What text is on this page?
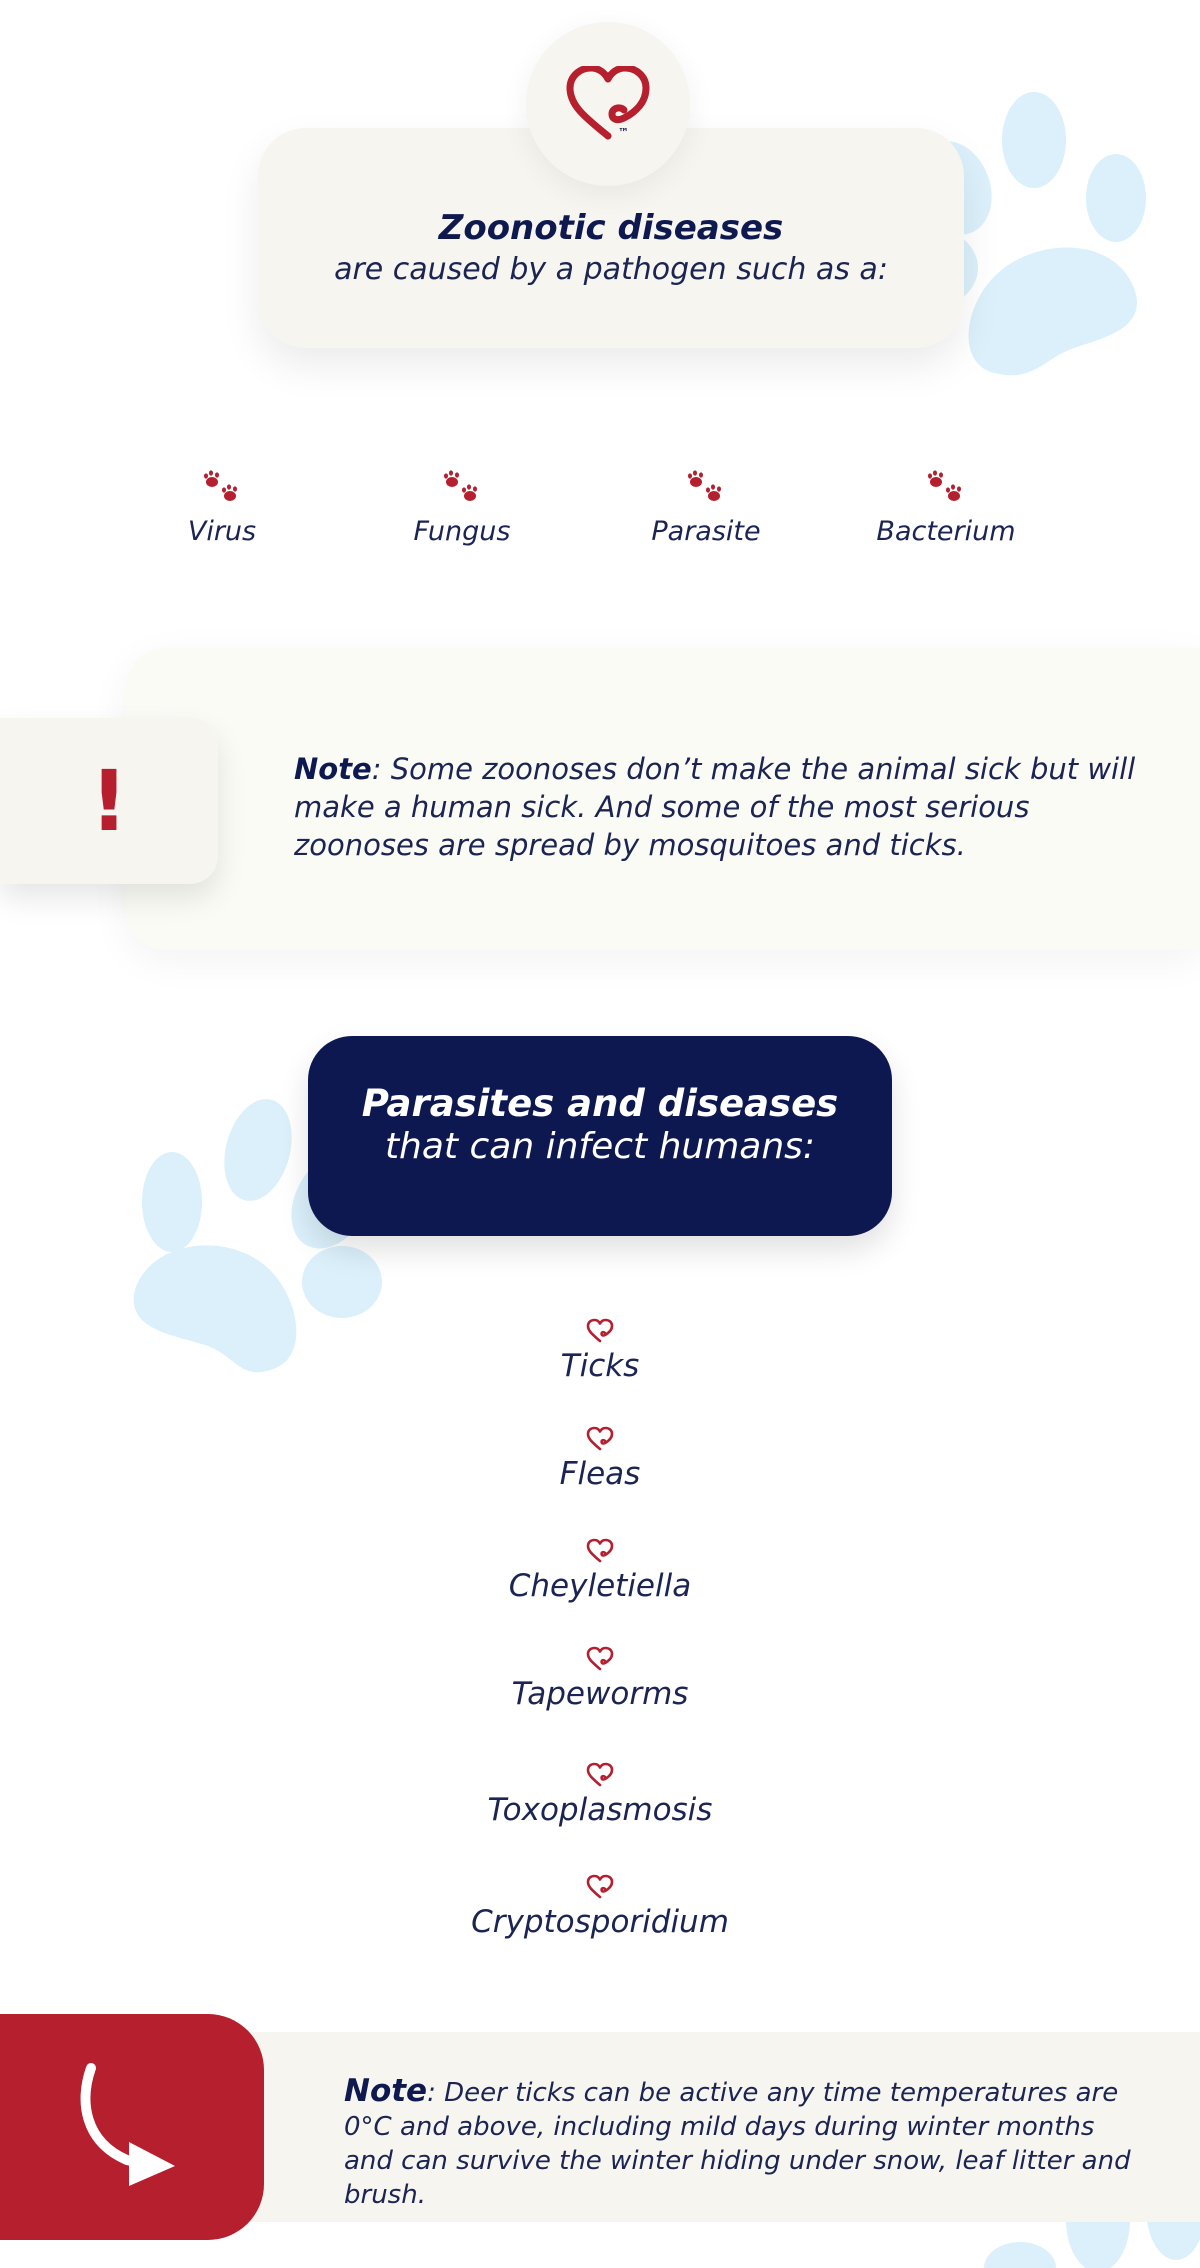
™
Zoonotic diseases
are caused by a pathogen such as a:
Virus	Fungus	Parasite	Bacterium
!	Note: Some zoonoses don’t make the animal sick but will make a human sick. And some of the most serious zoonoses are spread by mosquitoes and ticks.
Parasites and diseases
that can infect humans:
Ticks
Fleas
Cheyletiella
Tapeworms
Toxoplasmosis
Cryptosporidium
Note: Deer ticks can be active any time temperatures are 0°C and above, including mild days during winter months and can survive the winter hiding under snow, leaf litter and brush.
